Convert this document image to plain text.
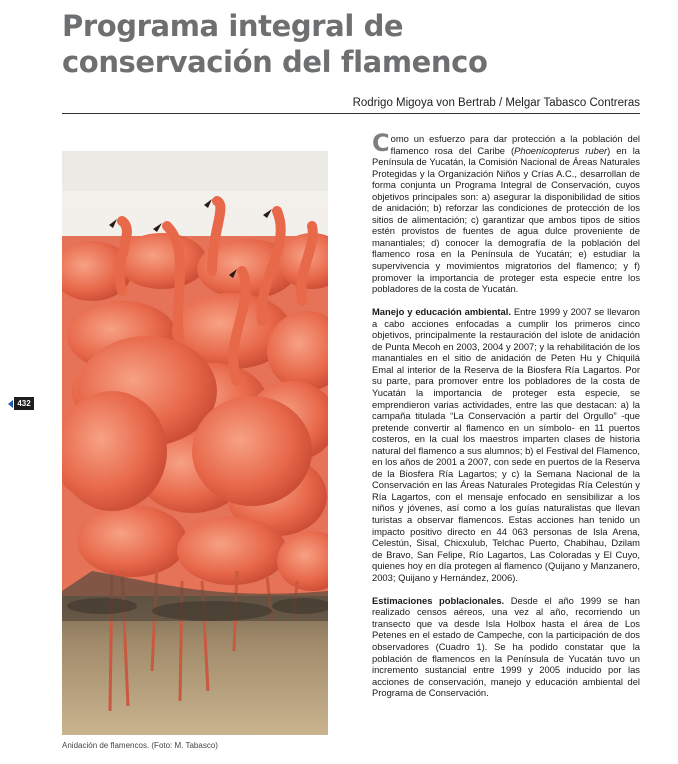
Programa integral de
conservación del flamenco
Rodrigo Migoya von Bertrab / Melgar Tabasco Contreras
432
Anidación de flamencos. (Foto: M. Tabasco)

Como un esfuerzo para dar protección a la población del flamenco rosa del Caribe (Phoenicopterus ruber) en la Península de Yucatán, la Comisión Nacional de Áreas Naturales Protegidas y la Organización Niños y Crías A.C., desarrollan de forma conjunta un Programa Integral de Conservación, cuyos objetivos principales son: a) asegurar la disponibilidad de sitios de anidación; b) reforzar las condiciones de protección de los sitios de alimentación; c) garantizar que ambos tipos de sitios estén provistos de fuentes de agua dulce proveniente de manantiales; d) conocer la demografía de la población del flamenco rosa en la Península de Yucatán; e) estudiar la supervivencia y movimientos migratorios del flamenco; y f) promover la importancia de proteger esta especie entre los pobladores de la costa de Yucatán.

Manejo y educación ambiental. Entre 1999 y 2007 se llevaron a cabo acciones enfocadas a cumplir los primeros cinco objetivos, principalmente la restauración del islote de anidación de Punta Mecoh en 2003, 2004 y 2007; y la rehabilitación de los manantiales en el sitio de anidación de Peten Hu y Chiquilá Emal al interior de la Reserva de la Biosfera Ría Lagartos. Por su parte, para promover entre los pobladores de la costa de Yucatán la importancia de proteger esta especie, se emprendieron varias actividades, entre las que destacan: a) la campaña titulada “La Conservación a partir del Orgullo” -que pretende convertir al flamenco en un símbolo- en 11 puertos costeros, en la cual los maestros imparten clases de historia natural del flamenco a sus alumnos; b) el Festival del Flamenco, en los años de 2001 a 2007, con sede en puertos de la Reserva de la Biosfera Ría Lagartos; y c) la Semana Nacional de la Conservación en las Áreas Naturales Protegidas Ría Celestún y Ría Lagartos, con el mensaje enfocado en sensibilizar a los niños y jóvenes, así como a los guías naturalistas que llevan turistas a observar flamencos. Estas acciones han tenido un impacto positivo directo en 44 063 personas de Isla Arena, Celestún, Sisal, Chicxulub, Telchac Puerto, Chabihau, Dzilam de Bravo, San Felipe, Río Lagartos, Las Coloradas y El Cuyo, quienes hoy en día protegen al flamenco (Quijano y Manzanero, 2003; Quijano y Hernández, 2006).

Estimaciones poblacionales. Desde el año 1999 se han realizado censos aéreos, una vez al año, recorriendo un transecto que va desde Isla Holbox hasta el área de Los Petenes en el estado de Campeche, con la participación de dos observadores (Cuadro 1). Se ha podido constatar que la población de flamencos en la Península de Yucatán tuvo un incremento sustancial entre 1999 y 2005 inducido por las acciones de conservación, manejo y educación ambiental del Programa de Conservación.
